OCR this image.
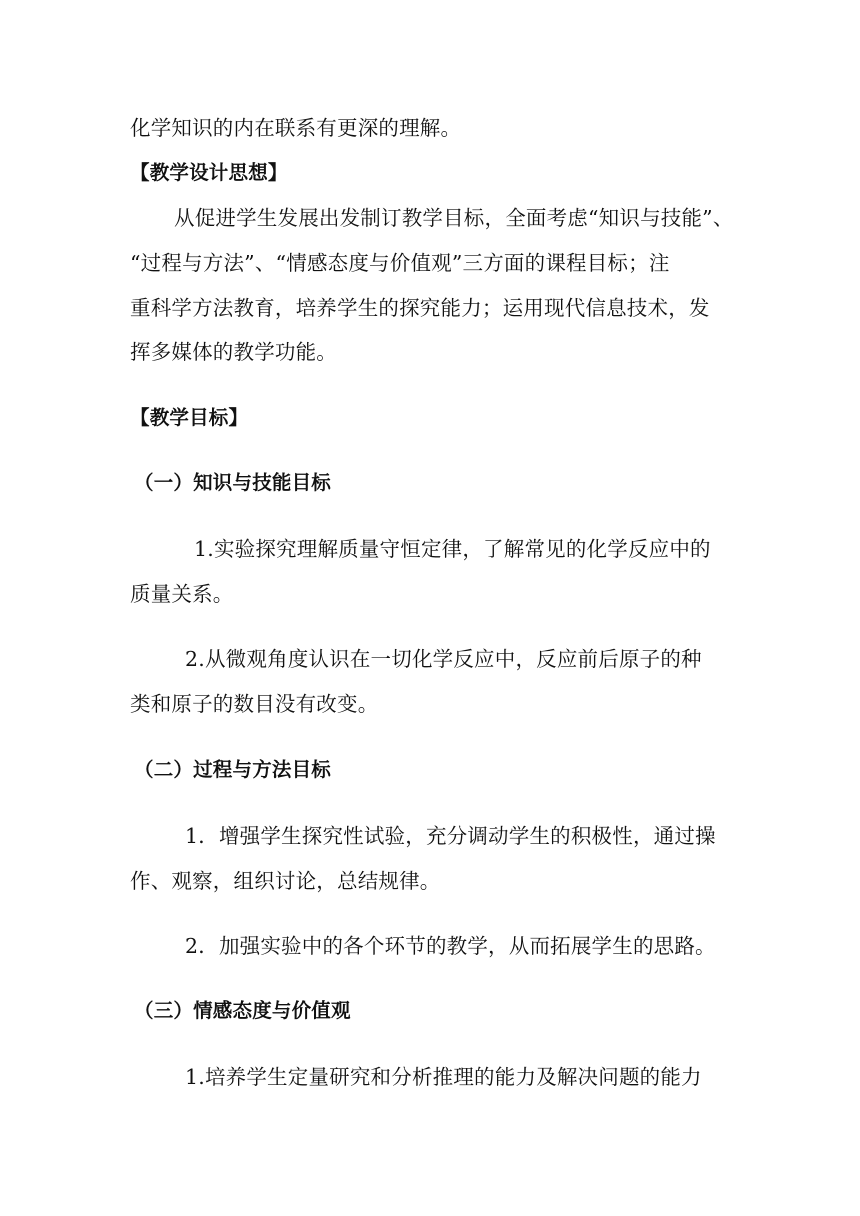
化学知识的内在联系有更深的理解。
【教学设计思想】
从促进学生发展出发制订教学目标，全面考虑“知识与技能”、
“过程与方法”、“情感态度与价值观”三方面的课程目标；注
重科学方法教育，培养学生的探究能力；运用现代信息技术，发
挥多媒体的教学功能。
【教学目标】
（一）知识与技能目标
1.实验探究理解质量守恒定律，了解常见的化学反应中的
质量关系。
2.从微观角度认识在一切化学反应中，反应前后原子的种
类和原子的数目没有改变。
（二）过程与方法目标
1．增强学生探究性试验，充分调动学生的积极性，通过操
作、观察，组织讨论，总结规律。
2．加强实验中的各个环节的教学，从而拓展学生的思路。
（三）情感态度与价值观
1.培养学生定量研究和分析推理的能力及解决问题的能力
